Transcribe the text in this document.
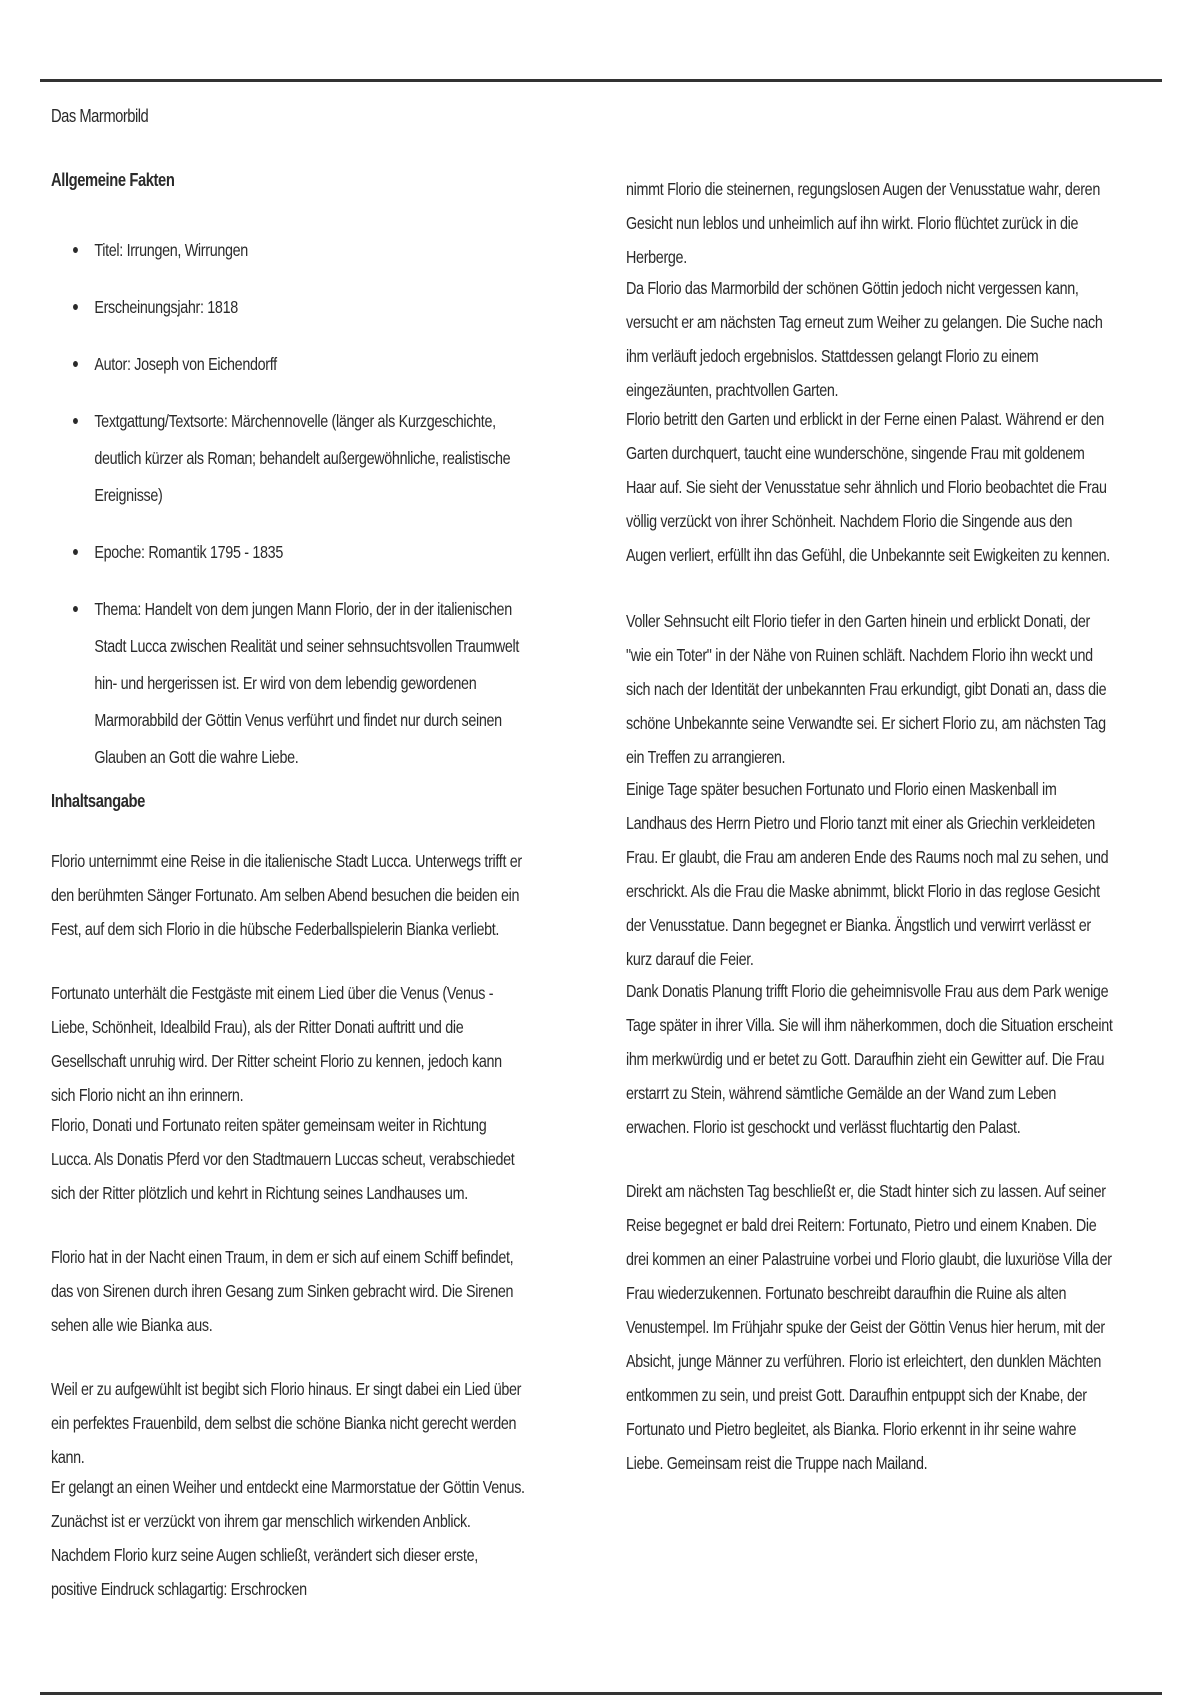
Das Marmorbild
Allgemeine Fakten
Titel: Irrungen, Wirrungen
Erscheinungsjahr: 1818
Autor: Joseph von Eichendorff
Textgattung/Textsorte: Märchennovelle (länger als Kurzgeschichte, deutlich kürzer als Roman; behandelt außergewöhnliche, realistische Ereignisse)
Epoche: Romantik 1795 - 1835
Thema: Handelt von dem jungen Mann Florio, der in der italienischen Stadt Lucca zwischen Realität und seiner sehnsuchtsvollen Traumwelt hin- und hergerissen ist. Er wird von dem lebendig gewordenen Marmorabbild der Göttin Venus verführt und findet nur durch seinen Glauben an Gott die wahre Liebe.
Inhaltsangabe
Florio unternimmt eine Reise in die italienische Stadt Lucca. Unterwegs trifft er den berühmten Sänger Fortunato. Am selben Abend besuchen die beiden ein Fest, auf dem sich Florio in die hübsche Federballspielerin Bianka verliebt.
Fortunato unterhält die Festgäste mit einem Lied über die Venus (Venus - Liebe, Schönheit, Idealbild Frau), als der Ritter Donati auftritt und die Gesellschaft unruhig wird. Der Ritter scheint Florio zu kennen, jedoch kann sich Florio nicht an ihn erinnern.
Florio, Donati und Fortunato reiten später gemeinsam weiter in Richtung Lucca. Als Donatis Pferd vor den Stadtmauern Luccas scheut, verabschiedet sich der Ritter plötzlich und kehrt in Richtung seines Landhauses um.
Florio hat in der Nacht einen Traum, in dem er sich auf einem Schiff befindet, das von Sirenen durch ihren Gesang zum Sinken gebracht wird. Die Sirenen sehen alle wie Bianka aus.
Weil er zu aufgewühlt ist begibt sich Florio hinaus. Er singt dabei ein Lied über ein perfektes Frauenbild, dem selbst die schöne Bianka nicht gerecht werden kann.
Er gelangt an einen Weiher und entdeckt eine Marmorstatue der Göttin Venus. Zunächst ist er verzückt von ihrem gar menschlich wirkenden Anblick. Nachdem Florio kurz seine Augen schließt, verändert sich dieser erste, positive Eindruck schlagartig: Erschrocken
nimmt Florio die steinernen, regungslosen Augen der Venusstatue wahr, deren Gesicht nun leblos und unheimlich auf ihn wirkt. Florio flüchtet zurück in die Herberge.
Da Florio das Marmorbild der schönen Göttin jedoch nicht vergessen kann, versucht er am nächsten Tag erneut zum Weiher zu gelangen. Die Suche nach ihm verläuft jedoch ergebnislos. Stattdessen gelangt Florio zu einem eingezäunten, prachtvollen Garten.
Florio betritt den Garten und erblickt in der Ferne einen Palast. Während er den Garten durchquert, taucht eine wunderschöne, singende Frau mit goldenem Haar auf. Sie sieht der Venusstatue sehr ähnlich und Florio beobachtet die Frau völlig verzückt von ihrer Schönheit. Nachdem Florio die Singende aus den Augen verliert, erfüllt ihn das Gefühl, die Unbekannte seit Ewigkeiten zu kennen.
Voller Sehnsucht eilt Florio tiefer in den Garten hinein und erblickt Donati, der "wie ein Toter" in der Nähe von Ruinen schläft. Nachdem Florio ihn weckt und sich nach der Identität der unbekannten Frau erkundigt, gibt Donati an, dass die schöne Unbekannte seine Verwandte sei. Er sichert Florio zu, am nächsten Tag ein Treffen zu arrangieren.
Einige Tage später besuchen Fortunato und Florio einen Maskenball im Landhaus des Herrn Pietro und Florio tanzt mit einer als Griechin verkleideten Frau. Er glaubt, die Frau am anderen Ende des Raums noch mal zu sehen, und erschrickt. Als die Frau die Maske abnimmt, blickt Florio in das reglose Gesicht der Venusstatue. Dann begegnet er Bianka. Ängstlich und verwirrt verlässt er kurz darauf die Feier.
Dank Donatis Planung trifft Florio die geheimnisvolle Frau aus dem Park wenige Tage später in ihrer Villa. Sie will ihm näherkommen, doch die Situation erscheint ihm merkwürdig und er betet zu Gott. Daraufhin zieht ein Gewitter auf. Die Frau erstarrt zu Stein, während sämtliche Gemälde an der Wand zum Leben erwachen. Florio ist geschockt und verlässt fluchtartig den Palast.
Direkt am nächsten Tag beschließt er, die Stadt hinter sich zu lassen. Auf seiner Reise begegnet er bald drei Reitern: Fortunato, Pietro und einem Knaben. Die drei kommen an einer Palastruine vorbei und Florio glaubt, die luxuriöse Villa der Frau wiederzukennen. Fortunato beschreibt daraufhin die Ruine als alten Venustempel. Im Frühjahr spuke der Geist der Göttin Venus hier herum, mit der Absicht, junge Männer zu verführen. Florio ist erleichtert, den dunklen Mächten entkommen zu sein, und preist Gott. Daraufhin entpuppt sich der Knabe, der Fortunato und Pietro begleitet, als Bianka. Florio erkennt in ihr seine wahre Liebe. Gemeinsam reist die Truppe nach Mailand.
